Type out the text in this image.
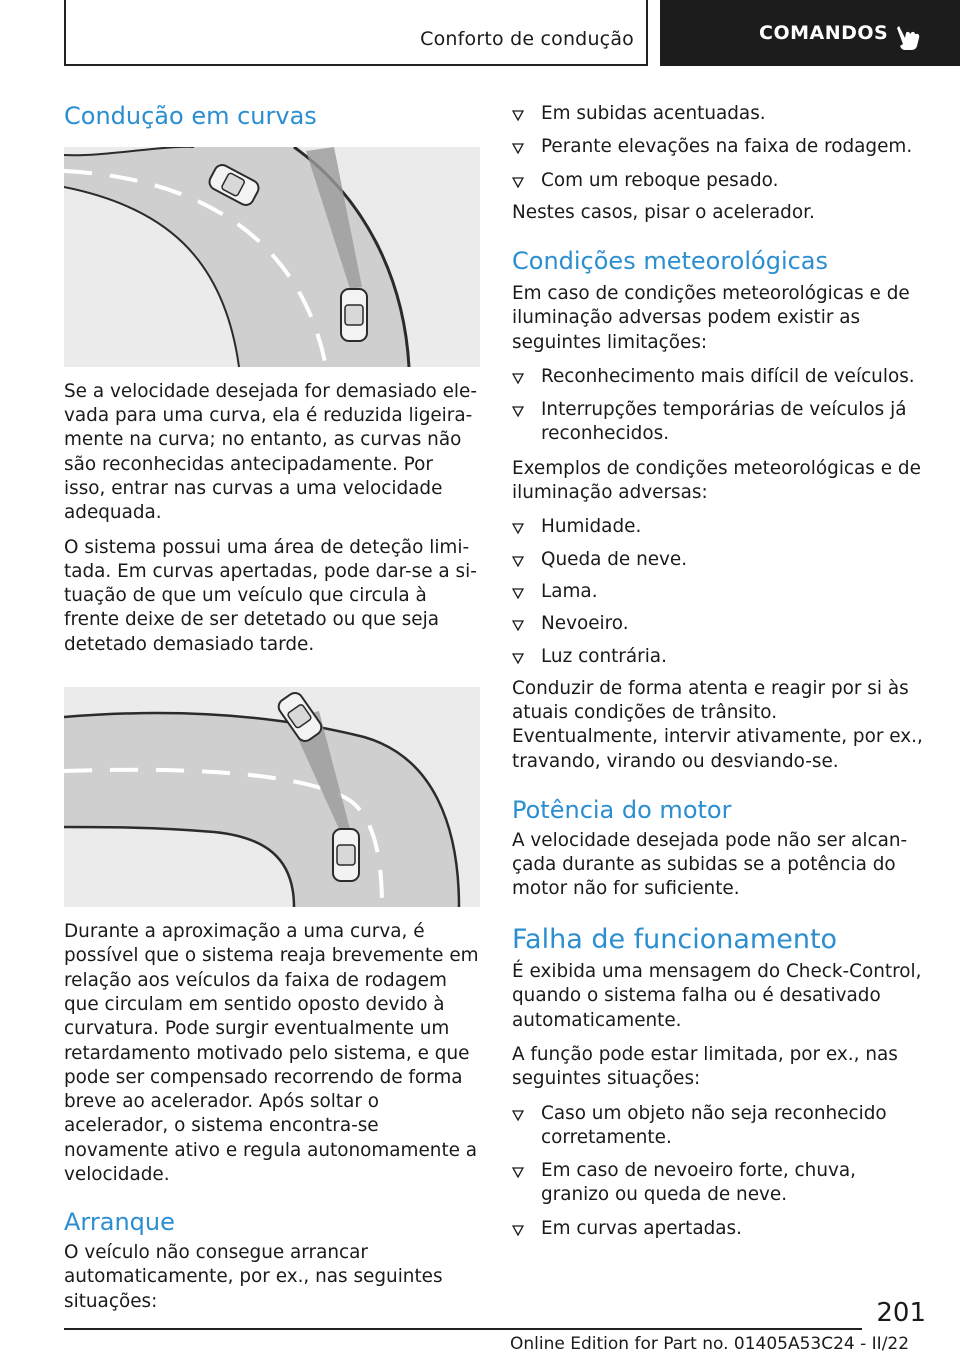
Conforto de condução	COMANDOS
Condução em curvas

Se a velocidade desejada for demasiado elevada para uma curva, ela é reduzida ligeiramente na curva; no entanto, as curvas não são reconhecidas antecipadamente. Por isso, entrar nas curvas a uma velocidade adequada.

O sistema possui uma área de deteção limitada. Em curvas apertadas, pode dar-se a situação de que um veículo que circula à frente deixe de ser detetado ou que seja detetado demasiado tarde.

Durante a aproximação a uma curva, é possível que o sistema reaja brevemente em relação aos veículos da faixa de rodagem que circulam em sentido oposto devido à curvatura. Pode surgir eventualmente um retardamento motivado pelo sistema, e que pode ser compensado recorrendo de forma breve ao acelerador. Após soltar o acelerador, o sistema encontra-se novamente ativo e regula autonomamente a velocidade.

Arranque

O veículo não consegue arrancar automaticamente, por ex., nas seguintes situações:

Em subidas acentuadas.
Perante elevações na faixa de rodagem.
Com um reboque pesado.

Nestes casos, pisar o acelerador.

Condições meteorológicas

Em caso de condições meteorológicas e de iluminação adversas podem existir as seguintes limitações:

Reconhecimento mais difícil de veículos.
Interrupções temporárias de veículos já reconhecidos.

Exemplos de condições meteorológicas e de iluminação adversas:

Humidade.
Queda de neve.
Lama.
Nevoeiro.
Luz contrária.

Conduzir de forma atenta e reagir por si às atuais condições de trânsito. Eventualmente, intervir ativamente, por ex., travando, virando ou desviando-se.

Potência do motor

A velocidade desejada pode não ser alcançada durante as subidas se a potência do motor não for suficiente.

Falha de funcionamento

É exibida uma mensagem do Check-Control, quando o sistema falha ou é desativado automaticamente.

A função pode estar limitada, por ex., nas seguintes situações:

Caso um objeto não seja reconhecido corretamente.
Em caso de nevoeiro forte, chuva, granizo ou queda de neve.
Em curvas apertadas.
201
Online Edition for Part no. 01405A53C24 - II/22
